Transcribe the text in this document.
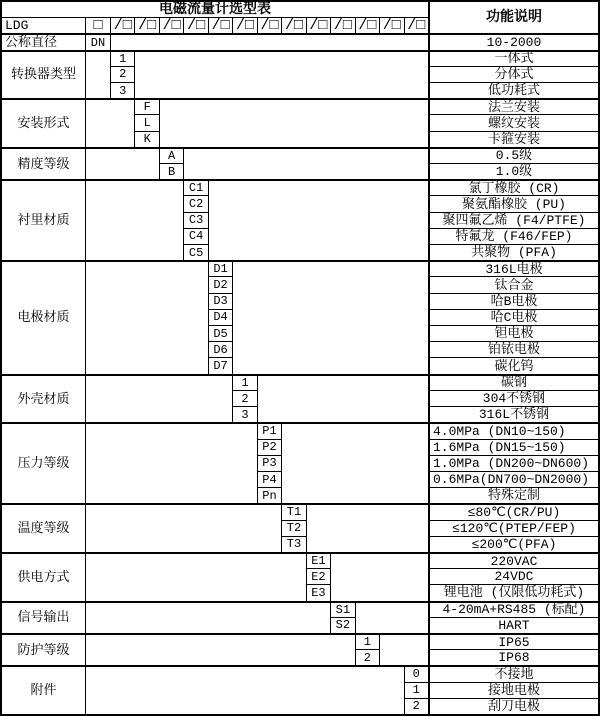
电磁流量计选型表
功能说明
LDG	□ /□ /□ /□ /□ /□ /□ /□ /□ /□ /□ /□ /□ /□
公称直径	DN	10-2000
转换器类型
1	一体式
2	分体式
3	低功耗式
安装形式
F	法兰安装
L	螺纹安装
K	卡箍安装
精度等级
A	0.5级
B	1.0级
衬里材质
C1	氯丁橡胶 (CR)
C2	聚氨酯橡胶 (PU)
C3	聚四氟乙烯 (F4/PTFE)
C4	特氟龙 (F46/FEP)
C5	共聚物 (PFA)
电极材质
D1	316L电极
D2	钛合金
D3	哈B电极
D4	哈C电极
D5	钽电极
D6	铂铱电极
D7	碳化钨
外壳材质
1	碳钢
2	304不锈钢
3	316L不锈钢
压力等级
P1	4.0MPa (DN10~150)
P2	1.6MPa (DN15~150)
P3	1.0MPa (DN200~DN600)
P4	0.6MPa(DN700~DN2000)
Pn	特殊定制
温度等级
T1	≤80℃(CR/PU)
T2	≤120℃(PTEP/FEP)
T3	≤200℃(PFA)
供电方式
E1	220VAC
E2	24VDC
E3	锂电池 (仅限低功耗式)
信号输出
S1	4-20mA+RS485 (标配)
S2	HART
防护等级
1	IP65
2	IP68
附件
0	不接地
1	接地电极
2	刮刀电极
